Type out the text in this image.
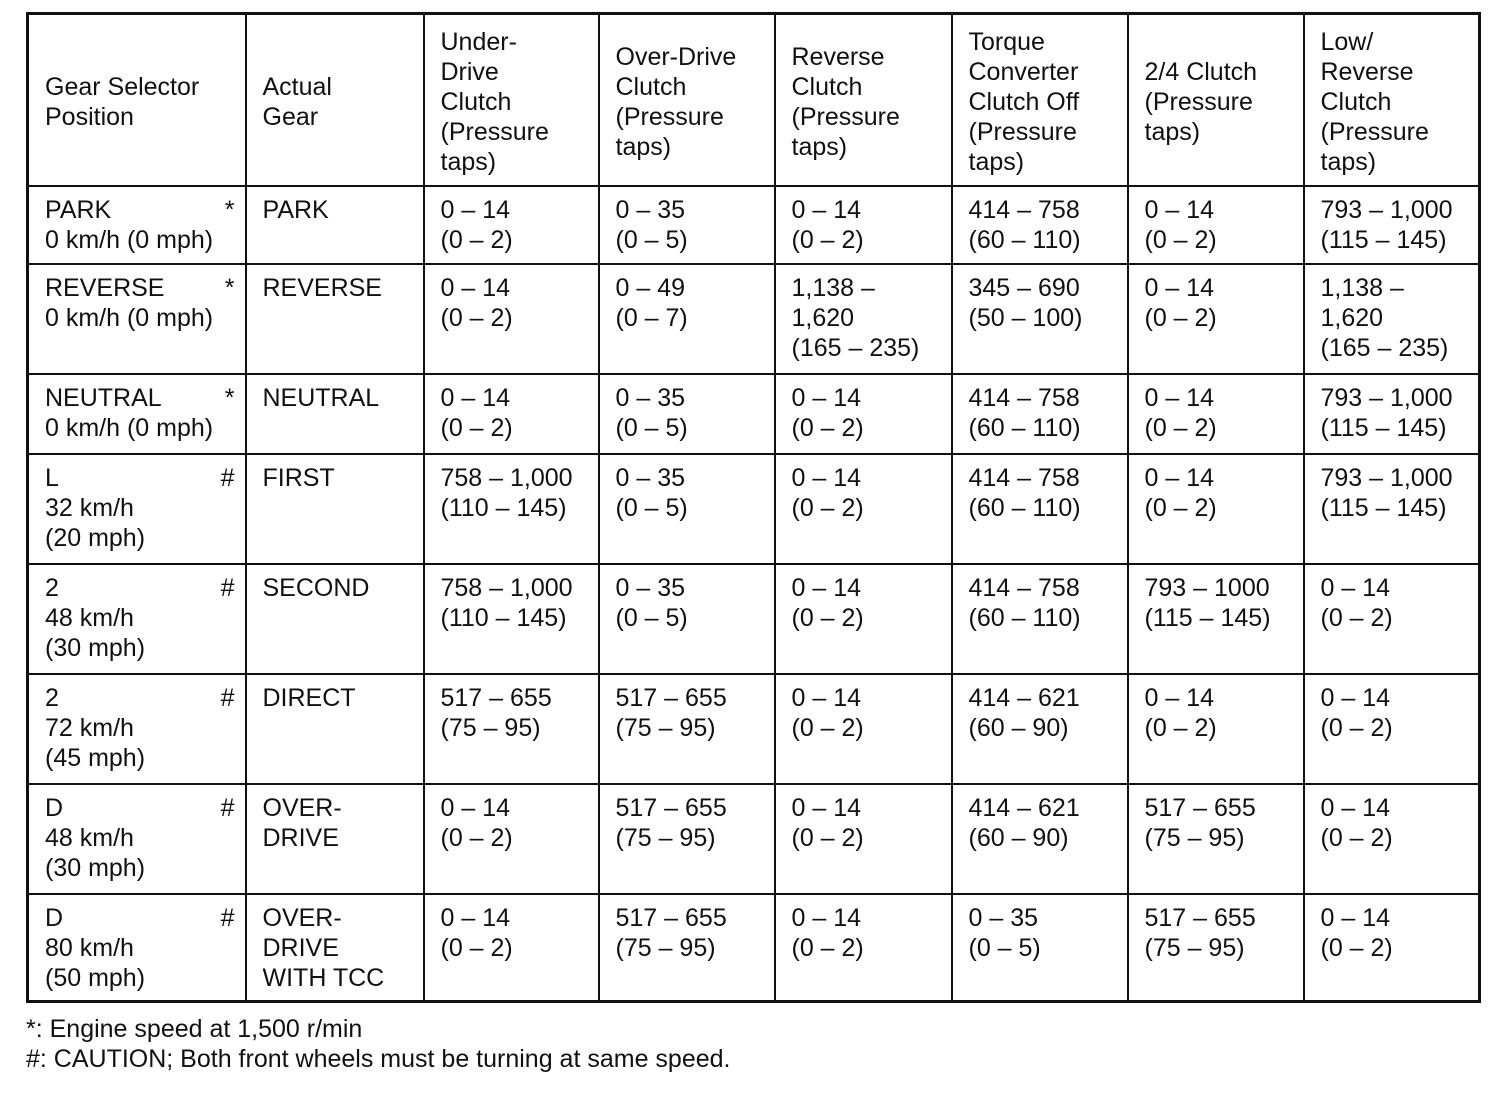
Gear Selector
Position	Actual
Gear	Under-
Drive
Clutch
(Pressure
taps)	Over-Drive
Clutch
(Pressure
taps)	Reverse
Clutch
(Pressure
taps)	Torque
Converter
Clutch Off
(Pressure
taps)	2/4 Clutch
(Pressure
taps)	Low/
Reverse
Clutch
(Pressure
taps)

PARK *
0 km/h (0 mph)	PARK	0 – 14
(0 – 2)	0 – 35
(0 – 5)	0 – 14
(0 – 2)	414 – 758
(60 – 110)	0 – 14
(0 – 2)	793 – 1,000
(115 – 145)

REVERSE *
0 km/h (0 mph)	REVERSE	0 – 14
(0 – 2)	0 – 49
(0 – 7)	1,138 –
1,620
(165 – 235)	345 – 690
(50 – 100)	0 – 14
(0 – 2)	1,138 –
1,620
(165 – 235)

NEUTRAL *
0 km/h (0 mph)	NEUTRAL	0 – 14
(0 – 2)	0 – 35
(0 – 5)	0 – 14
(0 – 2)	414 – 758
(60 – 110)	0 – 14
(0 – 2)	793 – 1,000
(115 – 145)

L #
32 km/h
(20 mph)	FIRST	758 – 1,000
(110 – 145)	0 – 35
(0 – 5)	0 – 14
(0 – 2)	414 – 758
(60 – 110)	0 – 14
(0 – 2)	793 – 1,000
(115 – 145)

2 #
48 km/h
(30 mph)	SECOND	758 – 1,000
(110 – 145)	0 – 35
(0 – 5)	0 – 14
(0 – 2)	414 – 758
(60 – 110)	793 – 1000
(115 – 145)	0 – 14
(0 – 2)

2 #
72 km/h
(45 mph)	DIRECT	517 – 655
(75 – 95)	517 – 655
(75 – 95)	0 – 14
(0 – 2)	414 – 621
(60 – 90)	0 – 14
(0 – 2)	0 – 14
(0 – 2)

D #
48 km/h
(30 mph)	OVER-
DRIVE	0 – 14
(0 – 2)	517 – 655
(75 – 95)	0 – 14
(0 – 2)	414 – 621
(60 – 90)	517 – 655
(75 – 95)	0 – 14
(0 – 2)

D #
80 km/h
(50 mph)	OVER-
DRIVE
WITH TCC	0 – 14
(0 – 2)	517 – 655
(75 – 95)	0 – 14
(0 – 2)	0 – 35
(0 – 5)	517 – 655
(75 – 95)	0 – 14
(0 – 2)
*: Engine speed at 1,500 r/min
#: CAUTION; Both front wheels must be turning at same speed.
